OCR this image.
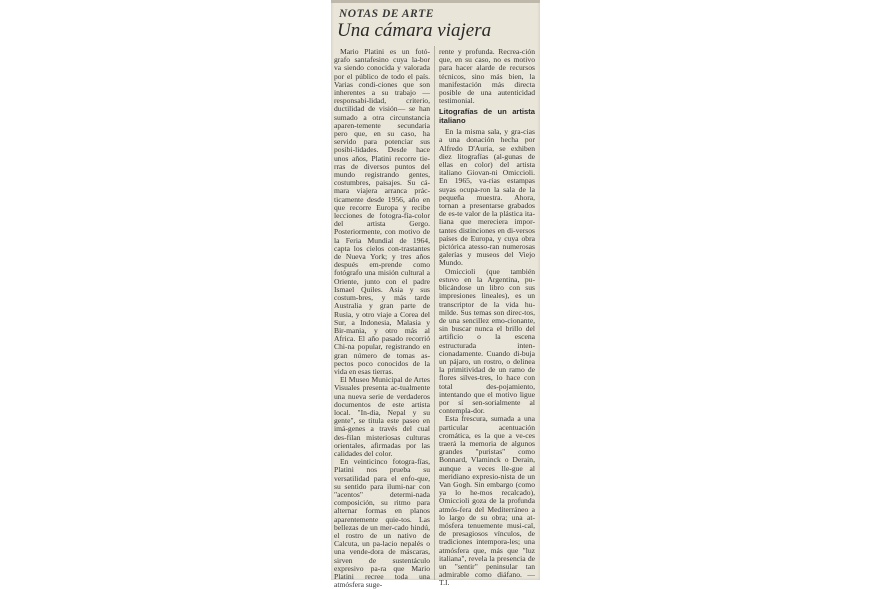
NOTAS DE ARTE
Una cámara viajera

Mario Platini es un fotó-grafo santafesino cuya la-bor va siendo conocida y valorada por el público de todo el país. Varias condi-ciones que son inherentes a su trabajo —responsabi-lidad, criterio, ductilidad de visión— se han sumado a otra circunstancia aparen-temente secundaria pero que, en su caso, ha servido para potenciar sus posibi-lidades. Desde hace unos años, Platini recorre tie-rras de diversos puntos del mundo registrando gentes, costumbres, paisajes. Su cá-mara viajera arranca prác-ticamente desde 1956, año en que recorre Europa y recibe lecciones de fotogra-fía-color del artista Gergo. Posteriormente, con motivo de la Feria Mundial de 1964, capta los cielos con-trastantes de Nueva York; y tres años después em-prende como fotógrafo una misión cultural a Oriente, junto con el padre Ismael Quiles. Asia y sus costum-bres, y más tarde Australia y gran parte de Rusia, y otro viaje a Corea del Sur, a Indonesia, Malasia y Bir-mania, y otro más al Africa. El año pasado recorrió Chi-na popular, registrando en gran número de tomas as-pectos poco conocidos de la vida en esas tierras.

El Museo Municipal de Artes Visuales presenta ac-tualmente una nueva serie de verdaderos documentos de este artista local. "In-dia, Nepal y su gente", se titula este paseo en imá-genes a través del cual des-filan misteriosas culturas orientales, afirmadas por las calidades del color.

En veinticinco fotogra-fías, Platini nos prueba su versatilidad para el enfo-que, su sentido para ilumi-nar con "acentos" determi-nada composición, su ritmo para alternar formas en planos aparentemente quie-tos. Las bellezas de un mer-cado hindú, el rostro de un nativo de Calcuta, un pa-lacio nepalés o una vende-dora de máscaras, sirven de sustentáculo expresivo pa-ra que Mario Platini recree toda una atmósfera suge-

rente y profunda. Recrea-ción que, en su caso, no es motivo para hacer alarde de recursos técnicos, sino más bien, la manifestación más directa posible de una autenticidad testimonial.

Litografías de un artista italiano

En la misma sala, y gra-cias a una donación hecha por Alfredo D'Auria, se exhiben diez litografías (al-gunas de ellas en color) del artista italiano Giovan-ni Omiccioli. En 1965, va-rias estampas suyas ocupa-ron la sala de la pequeña muestra. Ahora, tornan a presentarse grabados de es-te valor de la plástica ita-liana que mereciera impor-tantes distinciones en di-versos países de Europa, y cuya obra pictórica atesso-ran numerosas galerías y museos del Viejo Mundo.

Omiccioli (que también estuvo en la Argentina, pu-blicándose un libro con sus impresiones lineales), es un transcriptor de la vida hu-milde. Sus temas son direc-tos, de una sencillez emo-cionante, sin buscar nunca el brillo del artificio o la escena estructurada inten-cionadamente. Cuando di-buja un pájaro, un rostro, o delinea la primitividad de un ramo de flores silves-tres, lo hace con total des-pojamiento, intentando que el motivo ligue por sí sen-sorialmente al contempla-dor.

Esta frescura, sumada a una particular acentuación cromática, es la que a ve-ces traerá la memoria de algunos grandes "puristas" como Bonnard, Vlaminck o Derain, aunque a veces lle-gue al meridiano expresio-nista de un Van Gogh. Sin embargo (como ya lo he-mos recalcado), Omiccioli goza de la profunda atmós-fera del Mediterráneo a lo largo de su obra; una at-mósfera tenuemente musi-cal, de presagiosos vínculos, de tradiciones intempora-les; una atmósfera que, más que "luz italiana", revela la presencia de un "sentir" peninsular tan admirable como diáfano. — T.I.
